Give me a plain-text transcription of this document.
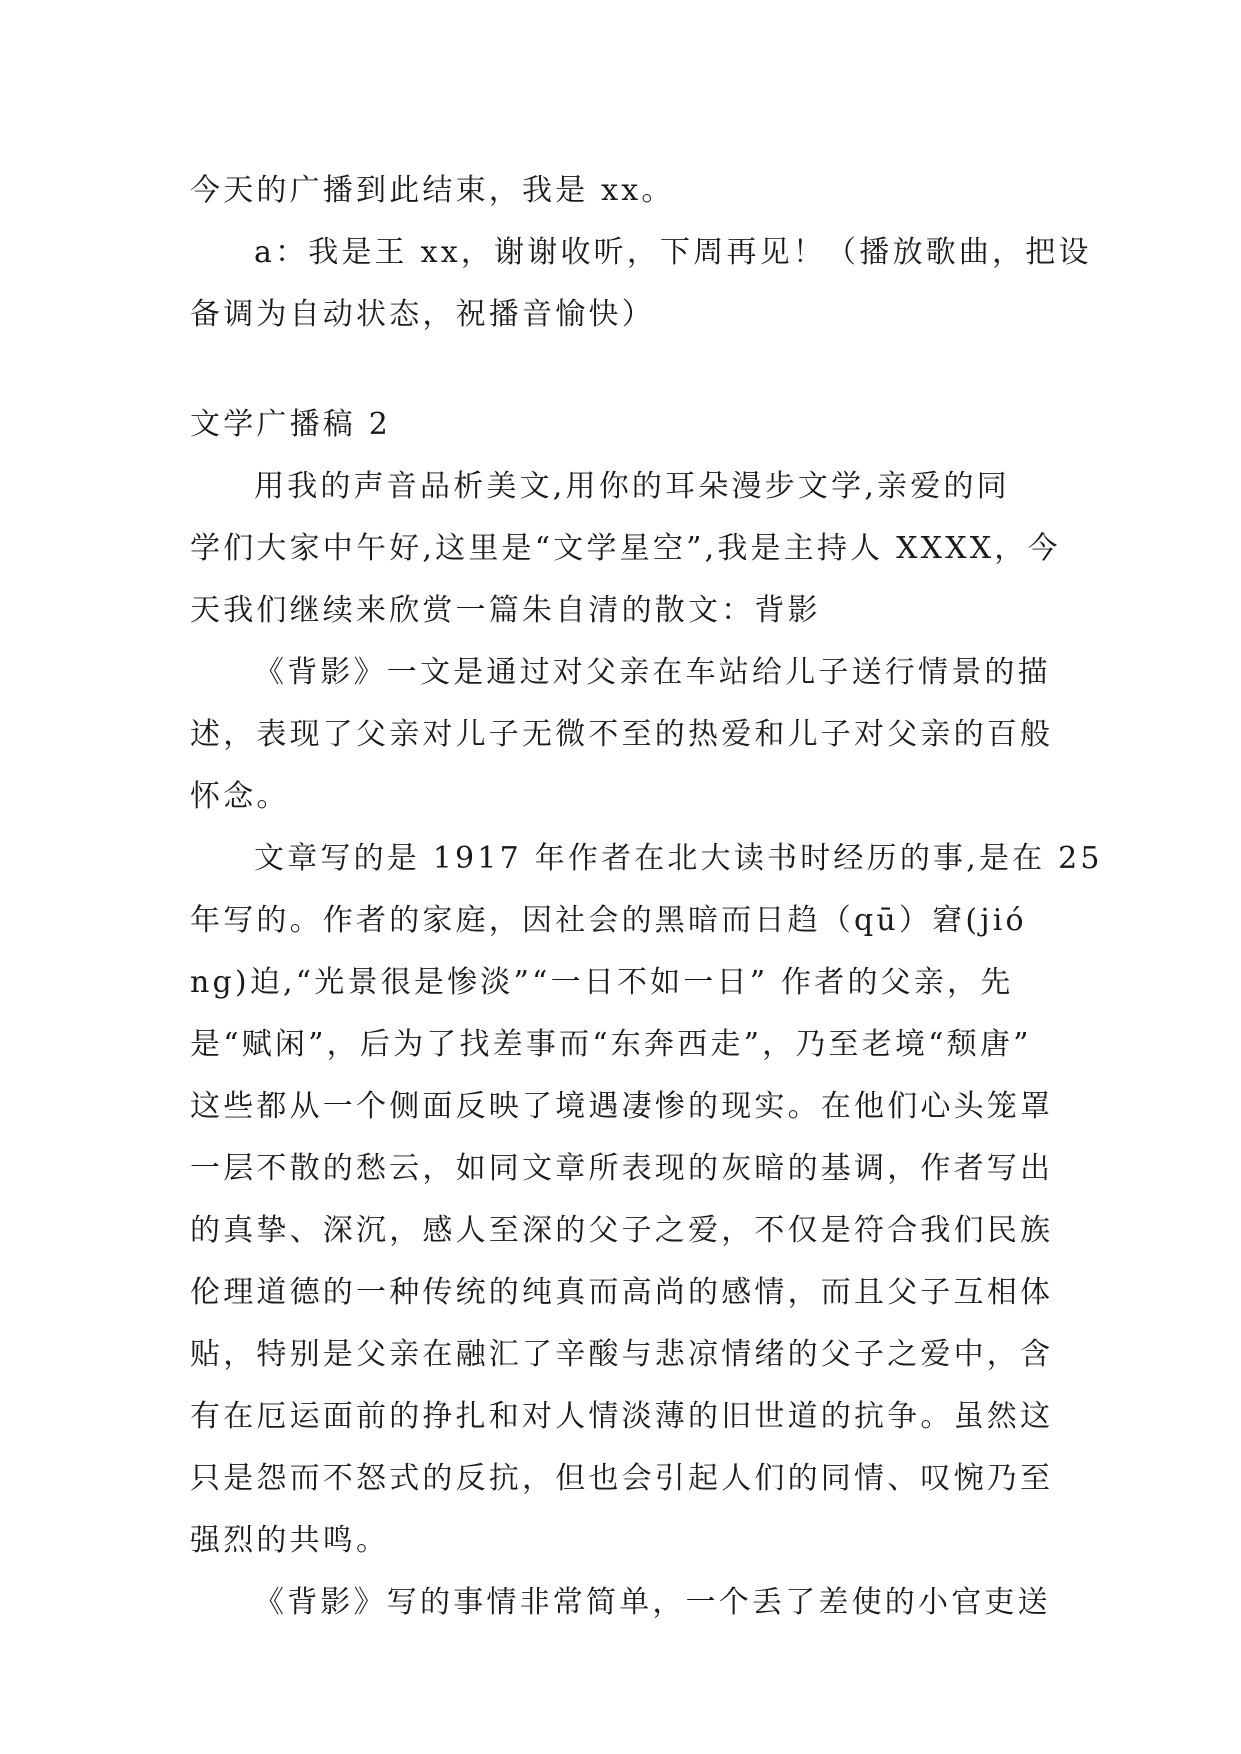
今天的广播到此结束，我是 xx。
a：我是王 xx，谢谢收听，下周再见！（播放歌曲，把设
备调为自动状态，祝播音愉快）
文学广播稿 2
用我的声音品析美文,用你的耳朵漫步文学,亲爱的同
学们大家中午好,这里是“文学星空”,我是主持人 XXXX，今
天我们继续来欣赏一篇朱自清的散文：背影
《背影》一文是通过对父亲在车站给儿子送行情景的描
述，表现了父亲对儿子无微不至的热爱和儿子对父亲的百般
怀念。
文章写的是 1917 年作者在北大读书时经历的事,是在 25
年写的。作者的家庭，因社会的黑暗而日趋（qū）窘(jió
ng)迫,“光景很是惨淡”“一日不如一日” 作者的父亲，先
是“赋闲”，后为了找差事而“东奔西走”，乃至老境“颓唐”
这些都从一个侧面反映了境遇凄惨的现实。在他们心头笼罩
一层不散的愁云，如同文章所表现的灰暗的基调，作者写出
的真挚、深沉，感人至深的父子之爱，不仅是符合我们民族
伦理道德的一种传统的纯真而高尚的感情，而且父子互相体
贴，特别是父亲在融汇了辛酸与悲凉情绪的父子之爱中，含
有在厄运面前的挣扎和对人情淡薄的旧世道的抗争。虽然这
只是怨而不怒式的反抗，但也会引起人们的同情、叹惋乃至
强烈的共鸣。
《背影》写的事情非常简单，一个丢了差使的小官吏送
